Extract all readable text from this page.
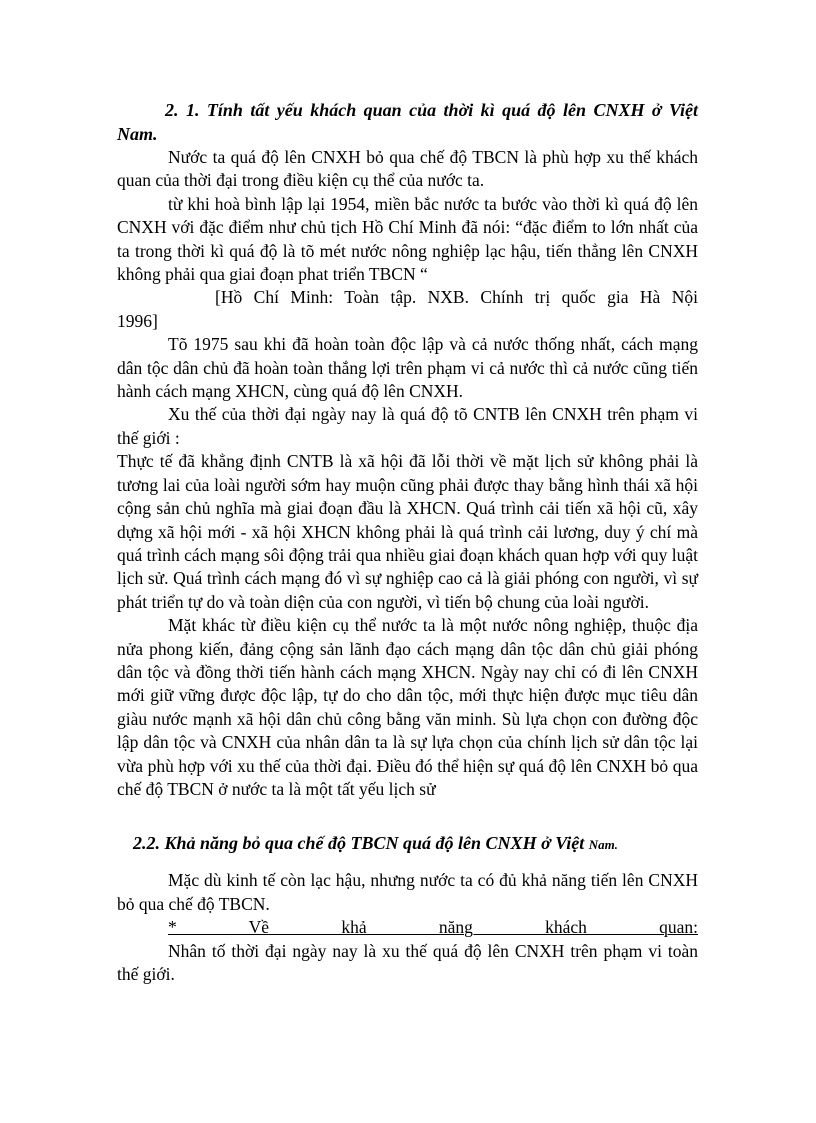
2. 1. Tính tất yếu khách quan của thời kì quá độ lên CNXH ở Việt Nam.

Nước ta quá độ lên CNXH bỏ qua chế độ TBCN là phù hợp xu thế khách quan của thời đại trong điều kiện cụ thể của nước ta.

từ khi hoà bình lập lại 1954, miền bắc nước ta bước vào thời kì quá độ lên CNXH với đặc điểm như chủ tịch Hồ Chí Minh đã nói: “đặc điểm to lớn nhất của ta trong thời kì quá độ là tõ mét nước nông nghiệp lạc hậu, tiến thẳng lên CNXH không phải qua giai đoạn phat triển TBCN “

[Hồ Chí Minh: Toàn tập. NXB. Chính trị quốc gia Hà Nội

1996]

Tõ 1975 sau khi đã hoàn toàn độc lập và cả nước thống nhất, cách mạng dân tộc dân chủ đã hoàn toàn thắng lợi trên phạm vi cả nước thì cả nước cũng tiến hành cách mạng XHCN, cùng quá độ lên CNXH.

Xu thế của thời đại ngày nay là quá độ tõ CNTB lên CNXH trên phạm vi thế giới :

Thực tế đã khẳng định CNTB là xã hội đã lỗi thời về mặt lịch sử không phải là tương lai của loài người sớm hay muộn cũng phải được thay bằng hình thái xã hội cộng sản chủ nghĩa mà giai đoạn đầu là XHCN. Quá trình cải tiến xã hội cũ, xây dựng xã hội mới - xã hội XHCN không phải là quá trình cải lương, duy ý chí mà quá trình cách mạng sôi động trải qua nhiều giai đoạn khách quan hợp với quy luật lịch sử. Quá trình cách mạng đó vì sự nghiệp cao cả là giải phóng con người, vì sự phát triển tự do và toàn diện của con người, vì tiến bộ chung của loài người.

Mặt khác từ điều kiện cụ thể nước ta là một nước nông nghiệp, thuộc địa nửa phong kiến, đảng cộng sản lãnh đạo cách mạng dân tộc dân chủ giải phóng dân tộc và đồng thời tiến hành cách mạng XHCN. Ngày nay chỉ có đi lên CNXH mới giữ vững được độc lập, tự do cho dân tộc, mới thực hiện được mục tiêu dân giàu nước mạnh xã hội dân chủ công bằng văn minh. Sù lựa chọn con đường độc lập dân tộc và CNXH của nhân dân ta là sự lựa chọn của chính lịch sử dân tộc lại vừa phù hợp với xu thế của thời đại. Điều đó thể hiện sự quá độ lên CNXH bỏ qua chế độ TBCN ở nước ta là một tất yếu lịch sử

2.2. Khả năng bỏ qua chế độ TBCN quá độ lên CNXH ở Việt Nam.

Mặc dù kinh tế còn lạc hậu, nhưng nước ta có đủ khả năng tiến lên CNXH bỏ qua chế độ TBCN.

* Về khả năng khách quan:

Nhân tố thời đại ngày nay là xu thế quá độ lên CNXH trên phạm vi toàn thế giới.
